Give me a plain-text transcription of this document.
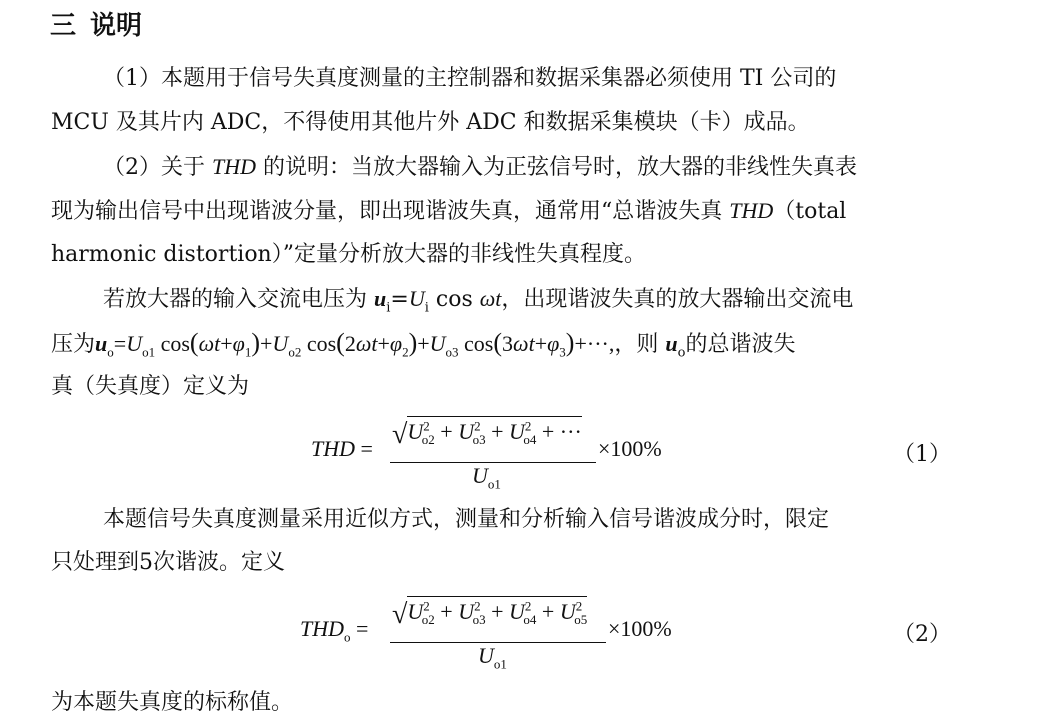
三 说明
（1）本题用于信号失真度测量的主控制器和数据采集器必须使用 TI 公司的
MCU 及其片内 ADC，不得使用其他片外 ADC 和数据采集模块（卡）成品。
（2）关于 THD 的说明：当放大器输入为正弦信号时，放大器的非线性失真表
现为输出信号中出现谐波分量，即出现谐波失真，通常用“总谐波失真 THD（total
harmonic distortion）”定量分析放大器的非线性失真程度。
若放大器的输入交流电压为 $u_i=U_i$ cos ωt，出现谐波失真的放大器输出交流电
压为$u_o=U_{o1}$ $\cos(\omega t+\varphi_1)+U_{o2}$ $\cos(2\omega t+\varphi_2)+U_{o3}$ $\cos(3\omega t+\varphi_3)+\cdot\cdot\cdot$,，则 $u_o$的总谐波失
真（失真度）定义为
THD = $√U^2_{o2} + U^2_{o3} + U^2_{o4}$ + ···
$U_{o1}$
×100%	（1）
本题信号失真度测量采用近似方式，测量和分析输入信号谐波成分时，限定
只处理到5次谐波。定义
$THD_o = √U^2_{o2} + U^2_{o3} + U^2_{o4} + U^2_{o5}$
$U_{o1}$
×100%	（2）
为本题失真度的标称值。
